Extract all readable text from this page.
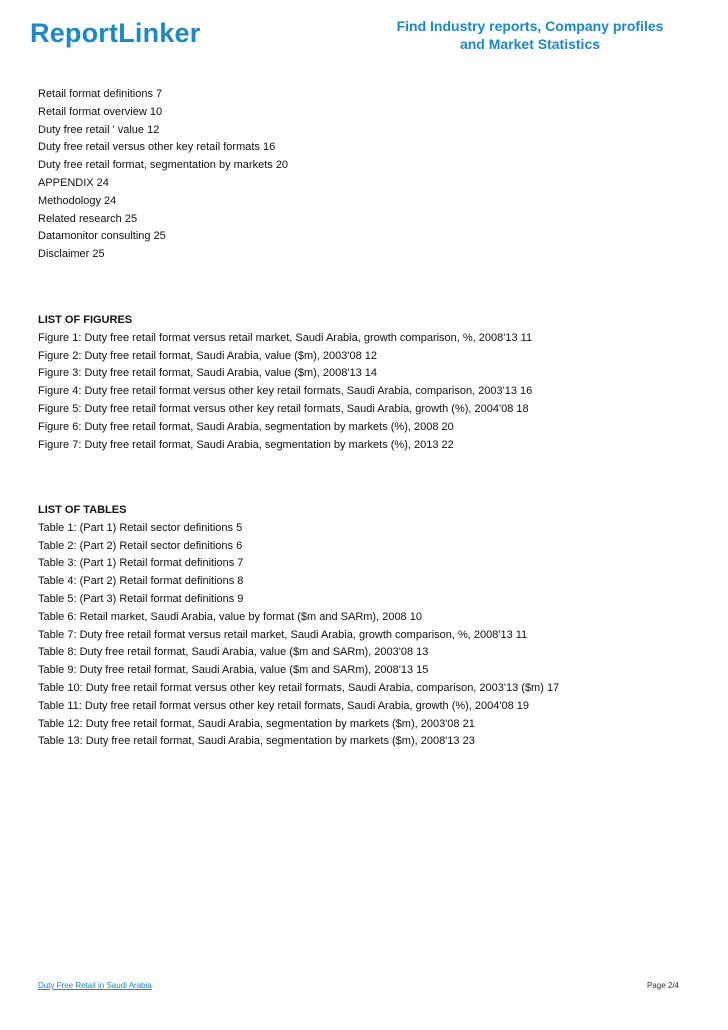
ReportLinker	Find Industry reports, Company profiles
and Market Statistics
Retail format definitions 7
Retail format overview 10
Duty free retail ' value 12
Duty free retail versus other key retail formats 16
Duty free retail format, segmentation by markets 20
APPENDIX 24
Methodology 24
Related research 25
Datamonitor consulting 25
Disclaimer 25
LIST OF FIGURES
Figure 1: Duty free retail format versus retail market, Saudi Arabia, growth comparison, %, 2008'13 11
Figure 2: Duty free retail format, Saudi Arabia, value ($m), 2003'08 12
Figure 3: Duty free retail format, Saudi Arabia, value ($m), 2008'13 14
Figure 4: Duty free retail format versus other key retail formats, Saudi Arabia, comparison, 2003'13 16
Figure 5: Duty free retail format versus other key retail formats, Saudi Arabia, growth (%), 2004'08 18
Figure 6: Duty free retail format, Saudi Arabia, segmentation by markets (%), 2008 20
Figure 7: Duty free retail format, Saudi Arabia, segmentation by markets (%), 2013 22
LIST OF TABLES
Table 1: (Part 1) Retail sector definitions 5
Table 2: (Part 2) Retail sector definitions 6
Table 3: (Part 1) Retail format definitions 7
Table 4: (Part 2) Retail format definitions 8
Table 5: (Part 3) Retail format definitions 9
Table 6: Retail market, Saudi Arabia, value by format ($m and SARm), 2008 10
Table 7: Duty free retail format versus retail market, Saudi Arabia, growth comparison, %, 2008'13 11
Table 8: Duty free retail format, Saudi Arabia, value ($m and SARm), 2003'08 13
Table 9: Duty free retail format, Saudi Arabia, value ($m and SARm), 2008'13 15
Table 10: Duty free retail format versus other key retail formats, Saudi Arabia, comparison, 2003'13 ($m) 17
Table 11: Duty free retail format versus other key retail formats, Saudi Arabia, growth (%), 2004'08 19
Table 12: Duty free retail format, Saudi Arabia, segmentation by markets ($m), 2003'08 21
Table 13: Duty free retail format, Saudi Arabia, segmentation by markets ($m), 2008'13 23
Duty Free Retail in Saudi Arabia	Page 2/4
